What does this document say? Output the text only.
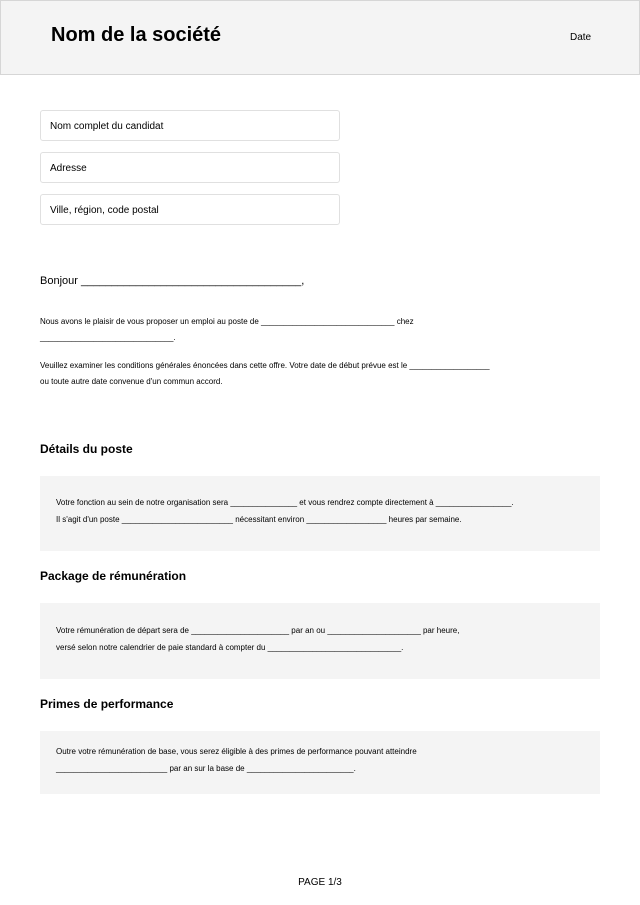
Nom de la société	Date
Nom complet du candidat
Adresse
Ville, région, code postal
Bonjour ____________________________________,
Nous avons le plaisir de vous proposer un emploi au poste de ______________________________ chez
______________________________.
Veuillez examiner les conditions générales énoncées dans cette offre. Votre date de début prévue est le __________________
ou toute autre date convenue d'un commun accord.
Détails du poste
Votre fonction au sein de notre organisation sera _______________ et vous rendrez compte directement à _________________.
Il s'agit d'un poste _________________________ nécessitant environ __________________ heures par semaine.
Package de rémunération
Votre rémunération de départ sera de ______________________ par an ou _____________________ par heure,
versé selon notre calendrier de paie standard à compter du ______________________________.
Primes de performance
Outre votre rémunération de base, vous serez éligible à des primes de performance pouvant atteindre
_________________________ par an sur la base de ________________________.
PAGE 1/3
